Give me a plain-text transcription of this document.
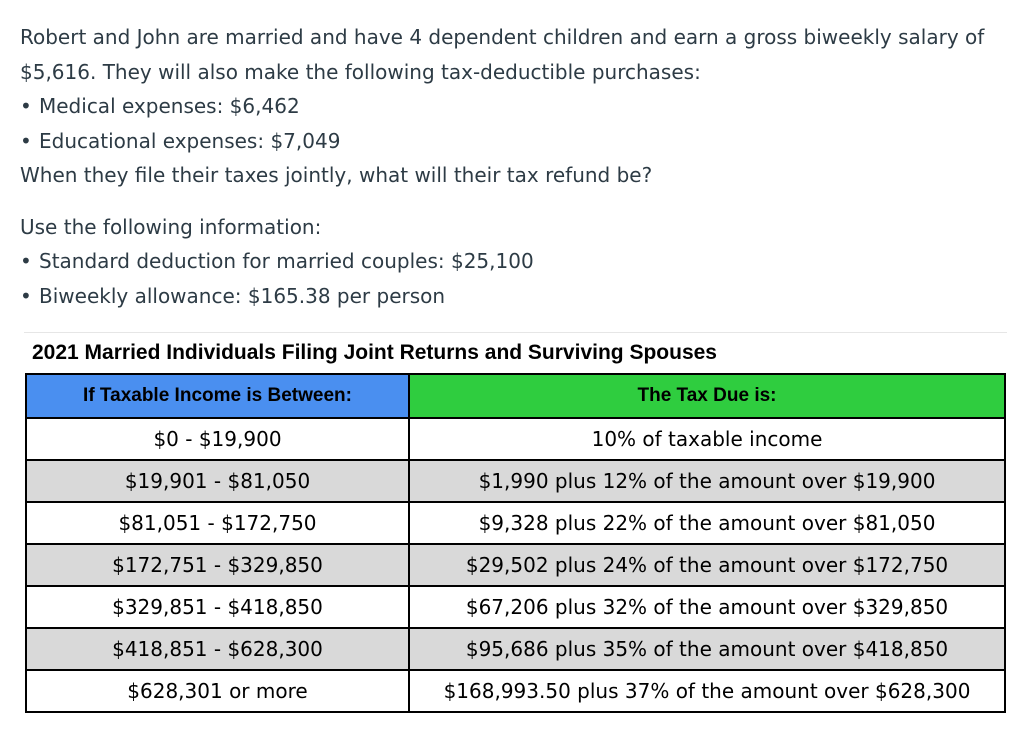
Robert and John are married and have 4 dependent children and earn a gross biweekly salary of

$5,616. They will also make the following tax-deductible purchases:

• Medical expenses: $6,462

• Educational expenses: $7,049

When they file their taxes jointly, what will their tax refund be?

Use the following information:

• Standard deduction for married couples: $25,100

• Biweekly allowance: $165.38 per person

2021 Married Individuals Filing Joint Returns and Surviving Spouses
If Taxable Income is Between:	The Tax Due is:
$0 - $19,900	10% of taxable income
$19,901 - $81,050	$1,990 plus 12% of the amount over $19,900
$81,051 - $172,750	$9,328 plus 22% of the amount over $81,050
$172,751 - $329,850	$29,502 plus 24% of the amount over $172,750
$329,851 - $418,850	$67,206 plus 32% of the amount over $329,850
$418,851 - $628,300	$95,686 plus 35% of the amount over $418,850
$628,301 or more	$168,993.50 plus 37% of the amount over $628,300
